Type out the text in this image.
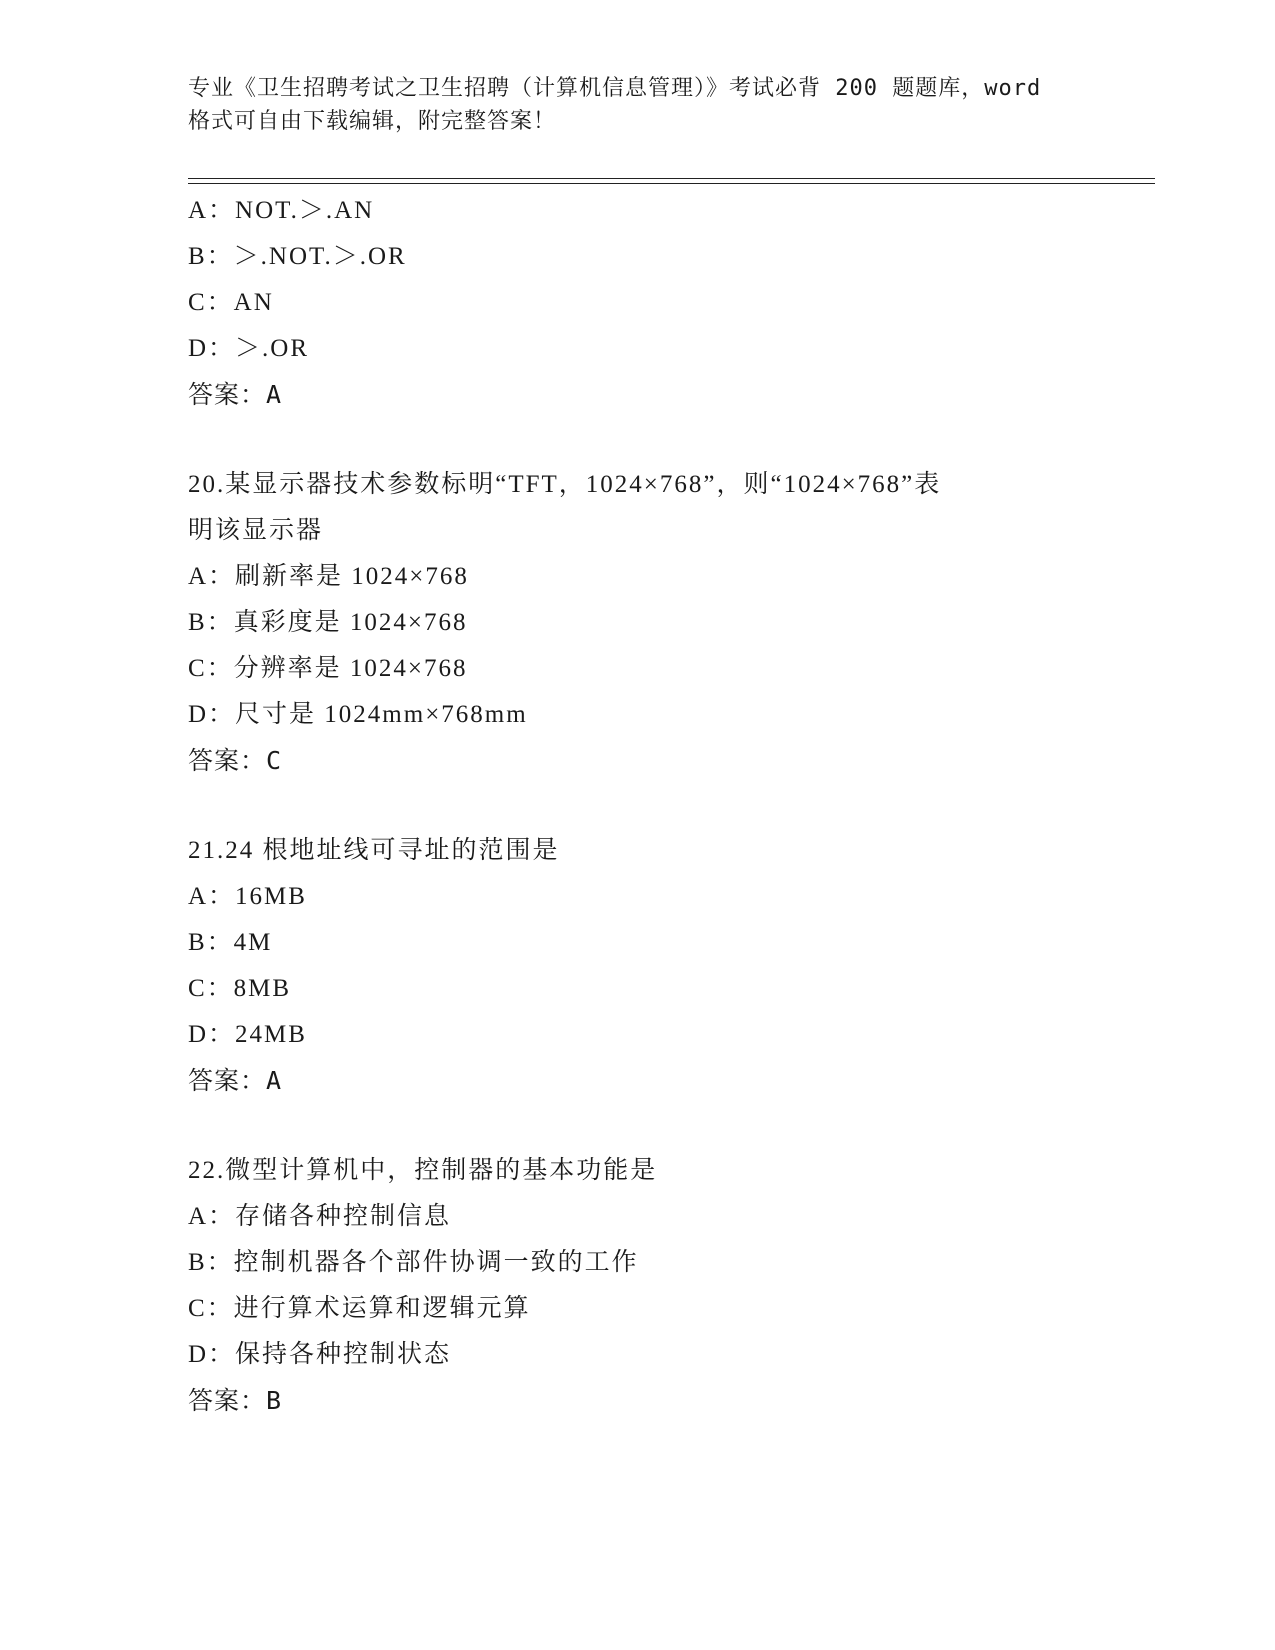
专业《卫生招聘考试之卫生招聘（计算机信息管理）》考试必背 200 题题库，word
格式可自由下载编辑，附完整答案！
A：NOT.＞.AN
B：＞.NOT.＞.OR
C：AN
D：＞.OR
答案：A
20.某显示器技术参数标明“TFT，1024×768”，则“1024×768”表
明该显示器
A：刷新率是 1024×768
B：真彩度是 1024×768
C：分辨率是 1024×768
D：尺寸是 1024mm×768mm
答案：C
21.24 根地址线可寻址的范围是
A：16MB
B：4M
C：8MB
D：24MB
答案：A
22.微型计算机中，控制器的基本功能是
A：存储各种控制信息
B：控制机器各个部件协调一致的工作
C：进行算术运算和逻辑元算
D：保持各种控制状态
答案：B
